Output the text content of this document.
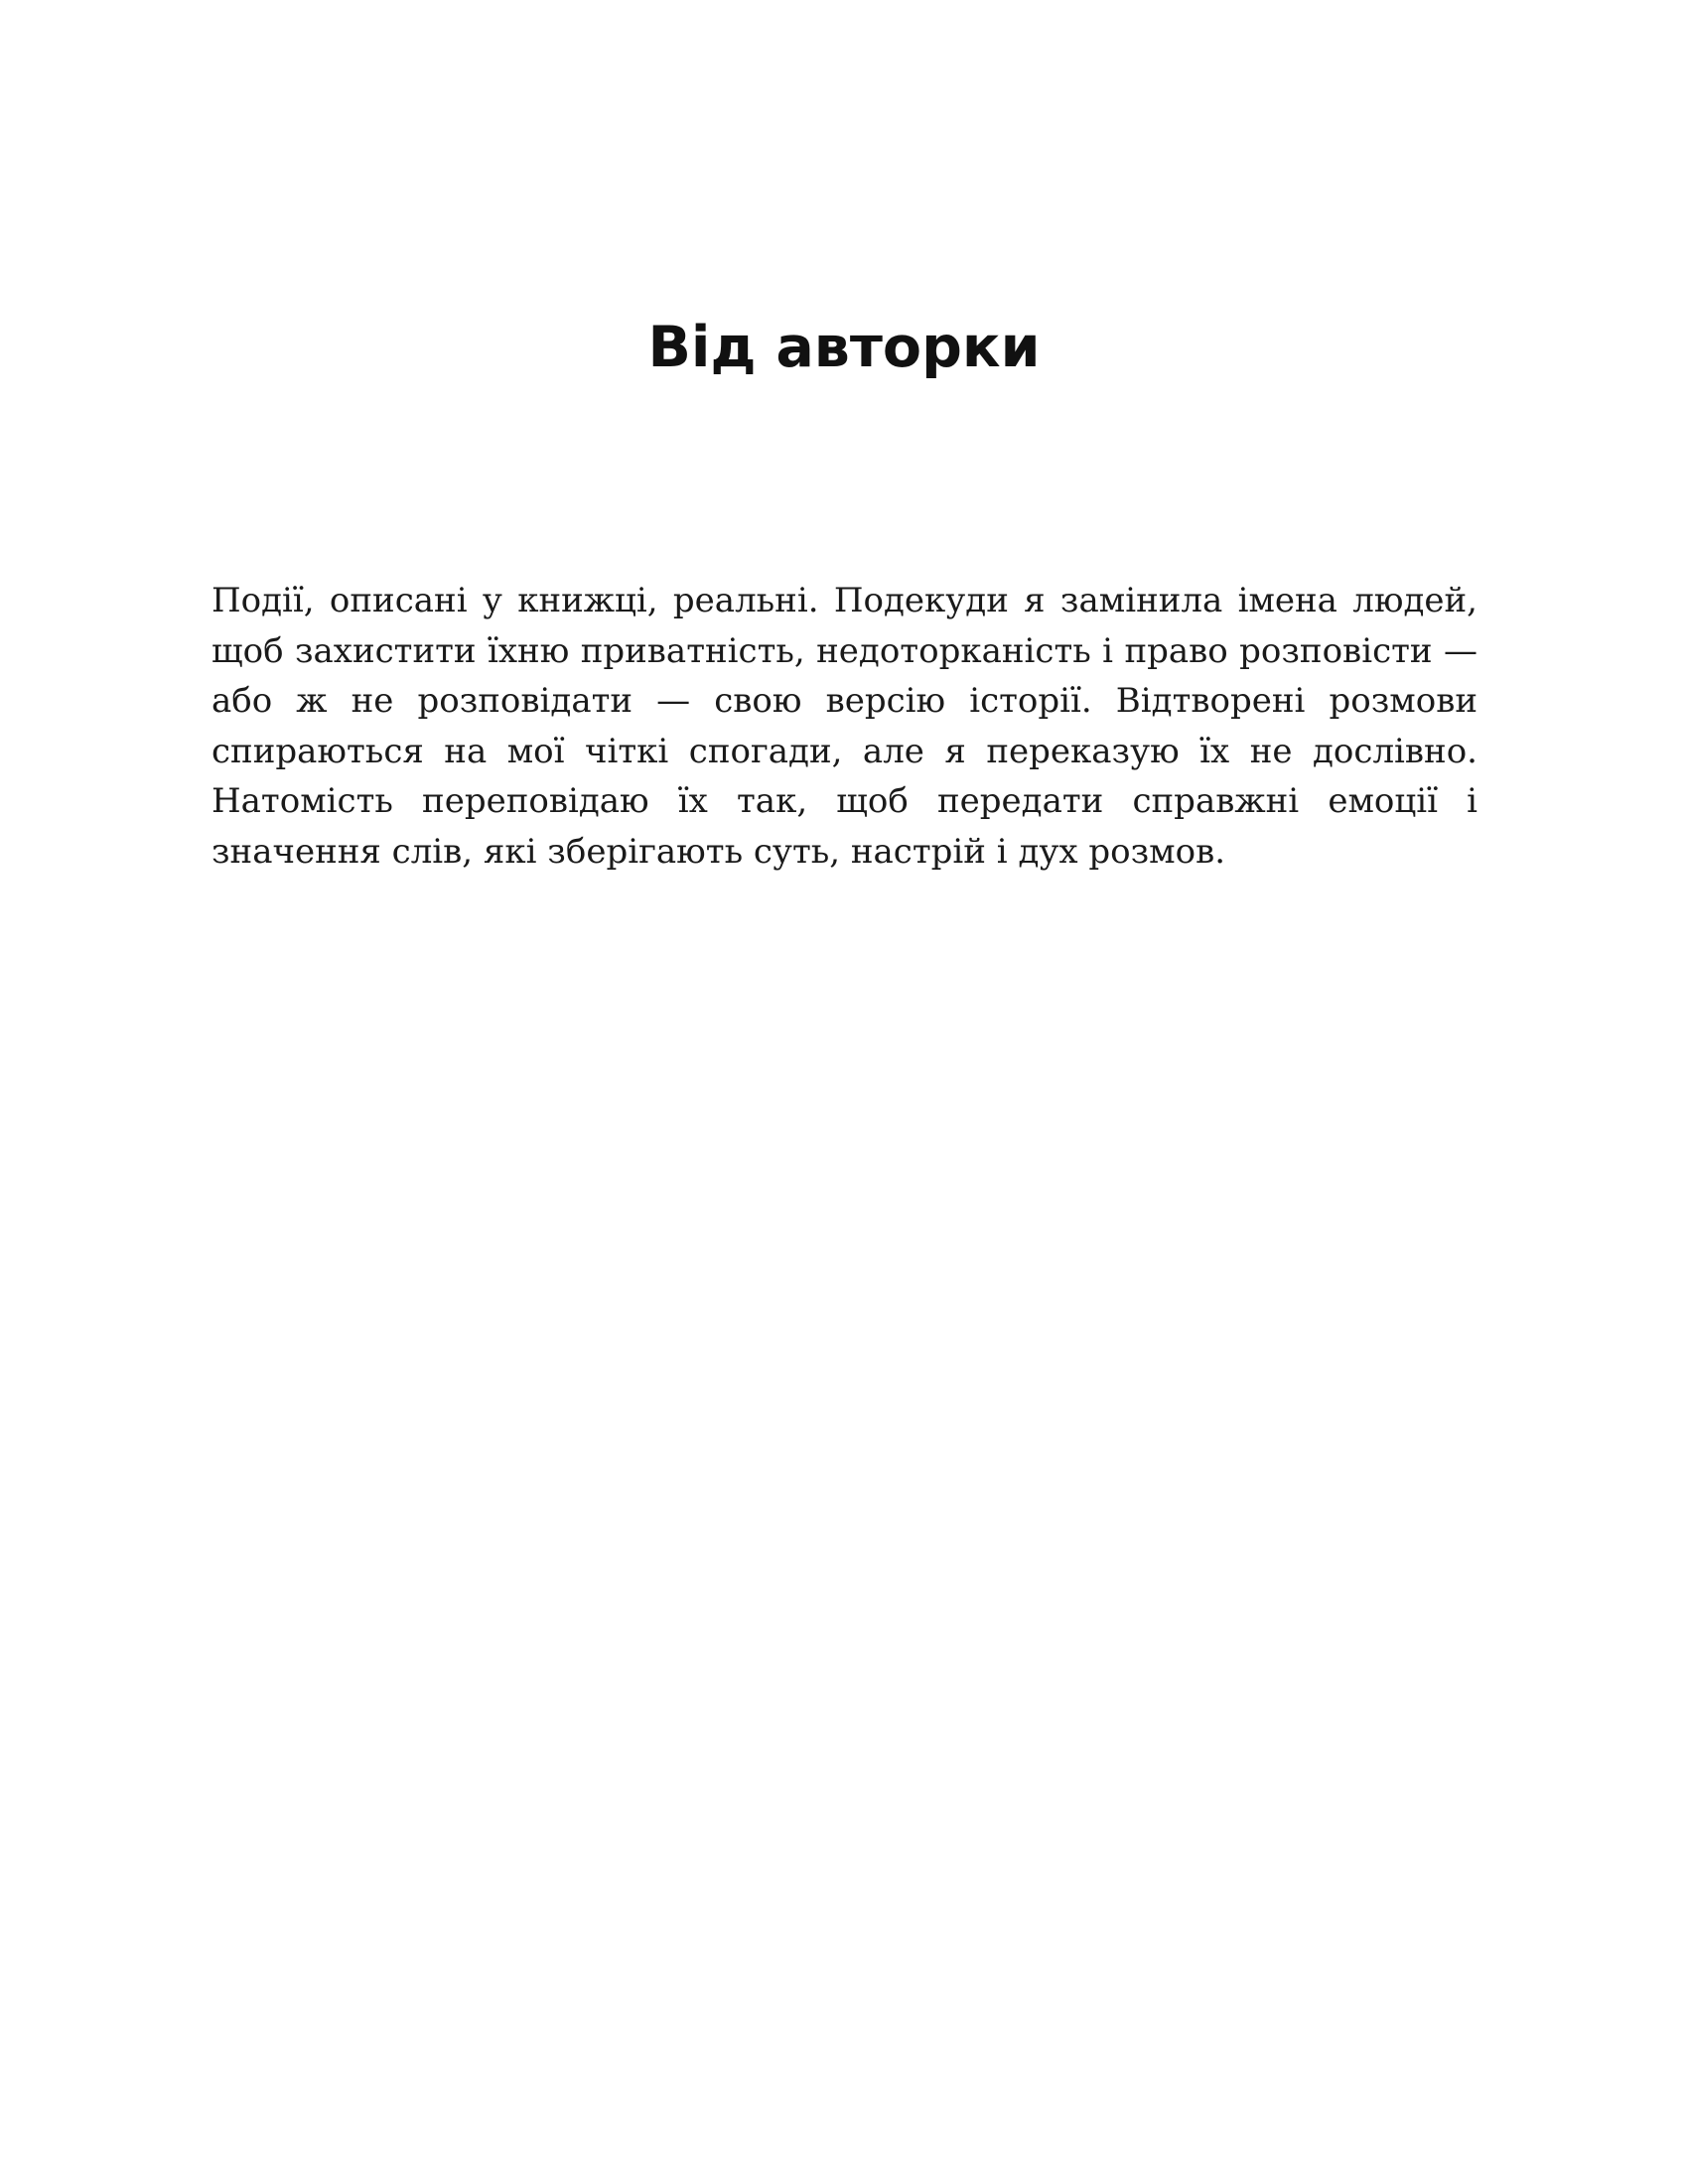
Від авторки
Події, описані у книжці, реальні. Подекуди я замінила імена людей,
щоб захистити їхню приватність, недоторканість і право розповісти —
або ж не розповідати — свою версію історії. Відтворені розмови
спираються на мої чіткі спогади, але я переказую їх не дослівно.
Натомість переповідаю їх так, щоб передати справжні емоції і
значення слів, які зберігають суть, настрій і дух розмов.
